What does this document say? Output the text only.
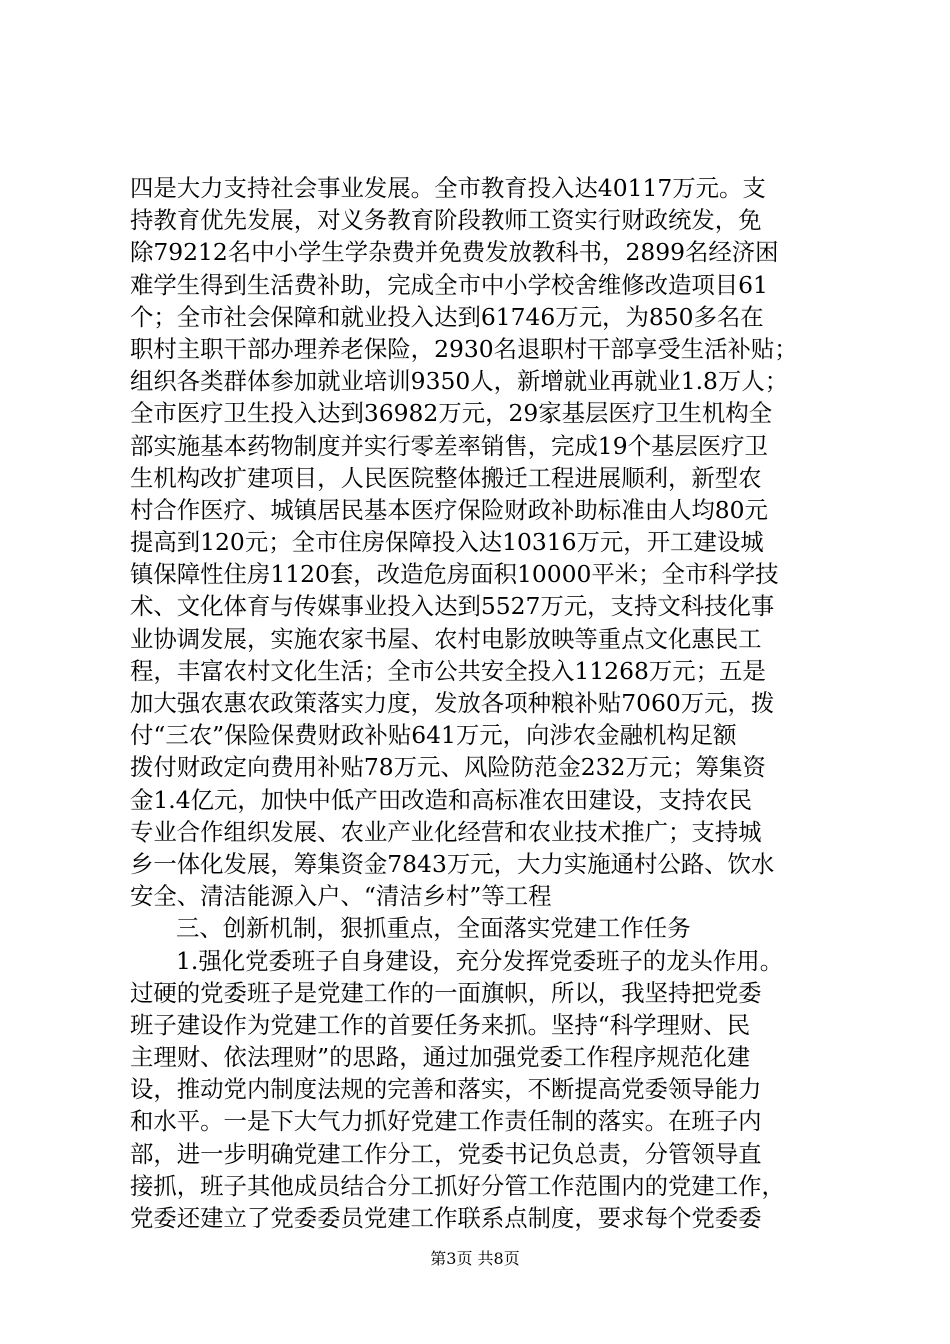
四是大力支持社会事业发展。全市教育投入达40117万元。支
持教育优先发展，对义务教育阶段教师工资实行财政统发，免
除79212名中小学生学杂费并免费发放教科书，2899名经济困
难学生得到生活费补助，完成全市中小学校舍维修改造项目61
个；全市社会保障和就业投入达到61746万元，为850多名在
职村主职干部办理养老保险，2930名退职村干部享受生活补贴；
组织各类群体参加就业培训9350人，新增就业再就业1.8万人；
全市医疗卫生投入达到36982万元，29家基层医疗卫生机构全
部实施基本药物制度并实行零差率销售，完成19个基层医疗卫
生机构改扩建项目，人民医院整体搬迁工程进展顺利，新型农
村合作医疗、城镇居民基本医疗保险财政补助标准由人均80元
提高到120元；全市住房保障投入达10316万元，开工建设城
镇保障性住房1120套，改造危房面积10000平米；全市科学技
术、文化体育与传媒事业投入达到5527万元，支持文科技化事
业协调发展，实施农家书屋、农村电影放映等重点文化惠民工
程，丰富农村文化生活；全市公共安全投入11268万元；五是
加大强农惠农政策落实力度，发放各项种粮补贴7060万元，拨
付“三农”保险保费财政补贴641万元，向涉农金融机构足额
拨付财政定向费用补贴78万元、风险防范金232万元；筹集资
金1.4亿元，加快中低产田改造和高标准农田建设，支持农民
专业合作组织发展、农业产业化经营和农业技术推广；支持城
乡一体化发展，筹集资金7843万元，大力实施通村公路、饮水
安全、清洁能源入户、“清洁乡村”等工程
三、创新机制，狠抓重点，全面落实党建工作任务
1.强化党委班子自身建设，充分发挥党委班子的龙头作用。
过硬的党委班子是党建工作的一面旗帜，所以，我坚持把党委
班子建设作为党建工作的首要任务来抓。坚持“科学理财、民
主理财、依法理财”的思路，通过加强党委工作程序规范化建
设，推动党内制度法规的完善和落实，不断提高党委领导能力
和水平。一是下大气力抓好党建工作责任制的落实。在班子内
部，进一步明确党建工作分工，党委书记负总责，分管领导直
接抓，班子其他成员结合分工抓好分管工作范围内的党建工作，
党委还建立了党委委员党建工作联系点制度，要求每个党委委
第3页 共8页
